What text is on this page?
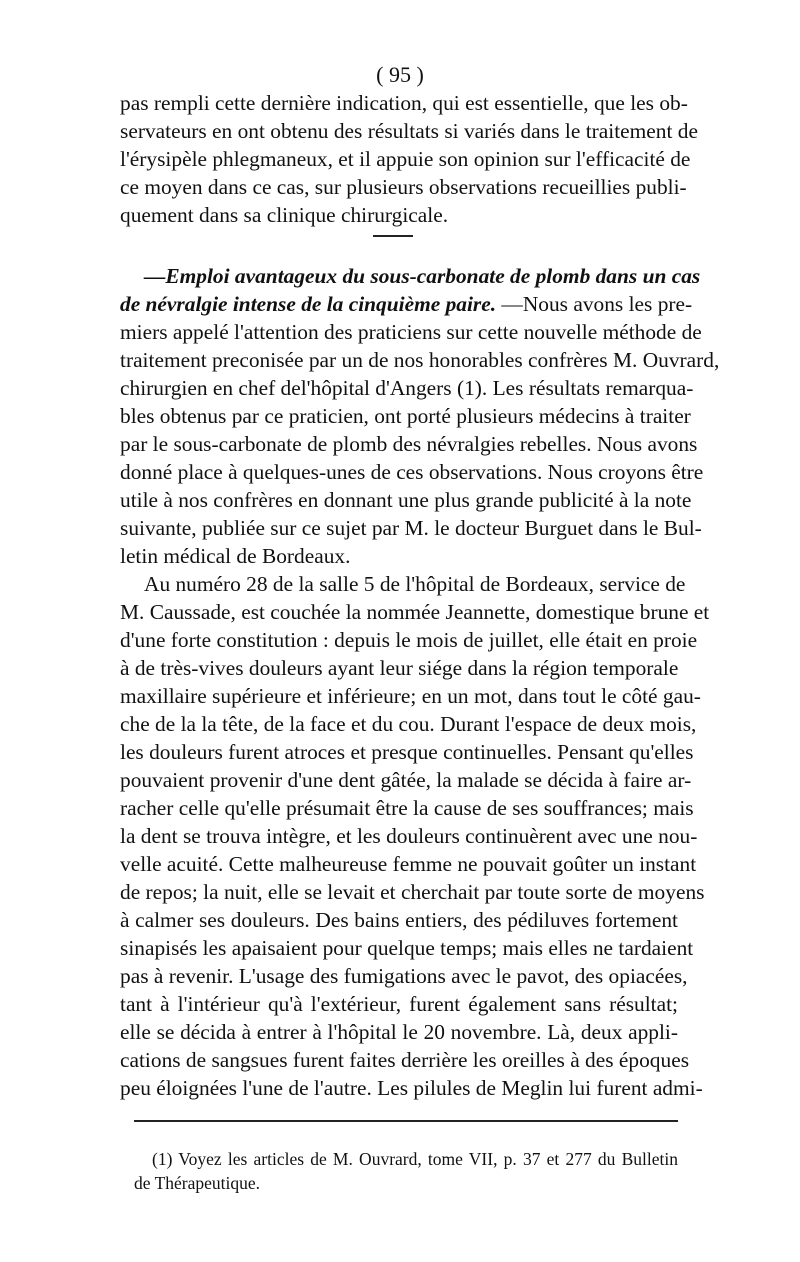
( 95 )
pas rempli cette dernière indication, qui est essentielle, que les ob-
servateurs en ont obtenu des résultats si variés dans le traitement de
l'érysipèle phlegmaneux, et il appuie son opinion sur l'efficacité de
ce moyen dans ce cas, sur plusieurs observations recueillies publi-
quement dans sa clinique chirurgicale.
—Emploi avantageux du sous-carbonate de plomb dans un cas
de névralgie intense de la cinquième paire. —Nous avons les pre-
miers appelé l'attention des praticiens sur cette nouvelle méthode de
traitement preconisée par un de nos honorables confrères M. Ouvrard,
chirurgien en chef del'hôpital d'Angers (1). Les résultats remarqua-
bles obtenus par ce praticien, ont porté plusieurs médecins à traiter
par le sous-carbonate de plomb des névralgies rebelles. Nous avons
donné place à quelques-unes de ces observations. Nous croyons être
utile à nos confrères en donnant une plus grande publicité à la note
suivante, publiée sur ce sujet par M. le docteur Burguet dans le Bul-
letin médical de Bordeaux.
Au numéro 28 de la salle 5 de l'hôpital de Bordeaux, service de
M. Caussade, est couchée la nommée Jeannette, domestique brune et
d'une forte constitution : depuis le mois de juillet, elle était en proie
à de très-vives douleurs ayant leur siége dans la région temporale
maxillaire supérieure et inférieure; en un mot, dans tout le côté gau-
che de la la tête, de la face et du cou. Durant l'espace de deux mois,
les douleurs furent atroces et presque continuelles. Pensant qu'elles
pouvaient provenir d'une dent gâtée, la malade se décida à faire ar-
racher celle qu'elle présumait être la cause de ses souffrances; mais
la dent se trouva intègre, et les douleurs continuèrent avec une nou-
velle acuité. Cette malheureuse femme ne pouvait goûter un instant
de repos; la nuit, elle se levait et cherchait par toute sorte de moyens
à calmer ses douleurs. Des bains entiers, des pédiluves fortement
sinapisés les apaisaient pour quelque temps; mais elles ne tardaient
pas à revenir. L'usage des fumigations avec le pavot, des opiacées,
tant à l'intérieur qu'à l'extérieur, furent également sans résultat;
elle se décida à entrer à l'hôpital le 20 novembre. Là, deux appli-
cations de sangsues furent faites derrière les oreilles à des époques
peu éloignées l'une de l'autre. Les pilules de Meglin lui furent admi-
(1) Voyez les articles de M. Ouvrard, tome VII, p. 37 et 277 du Bulletin
de Thérapeutique.
